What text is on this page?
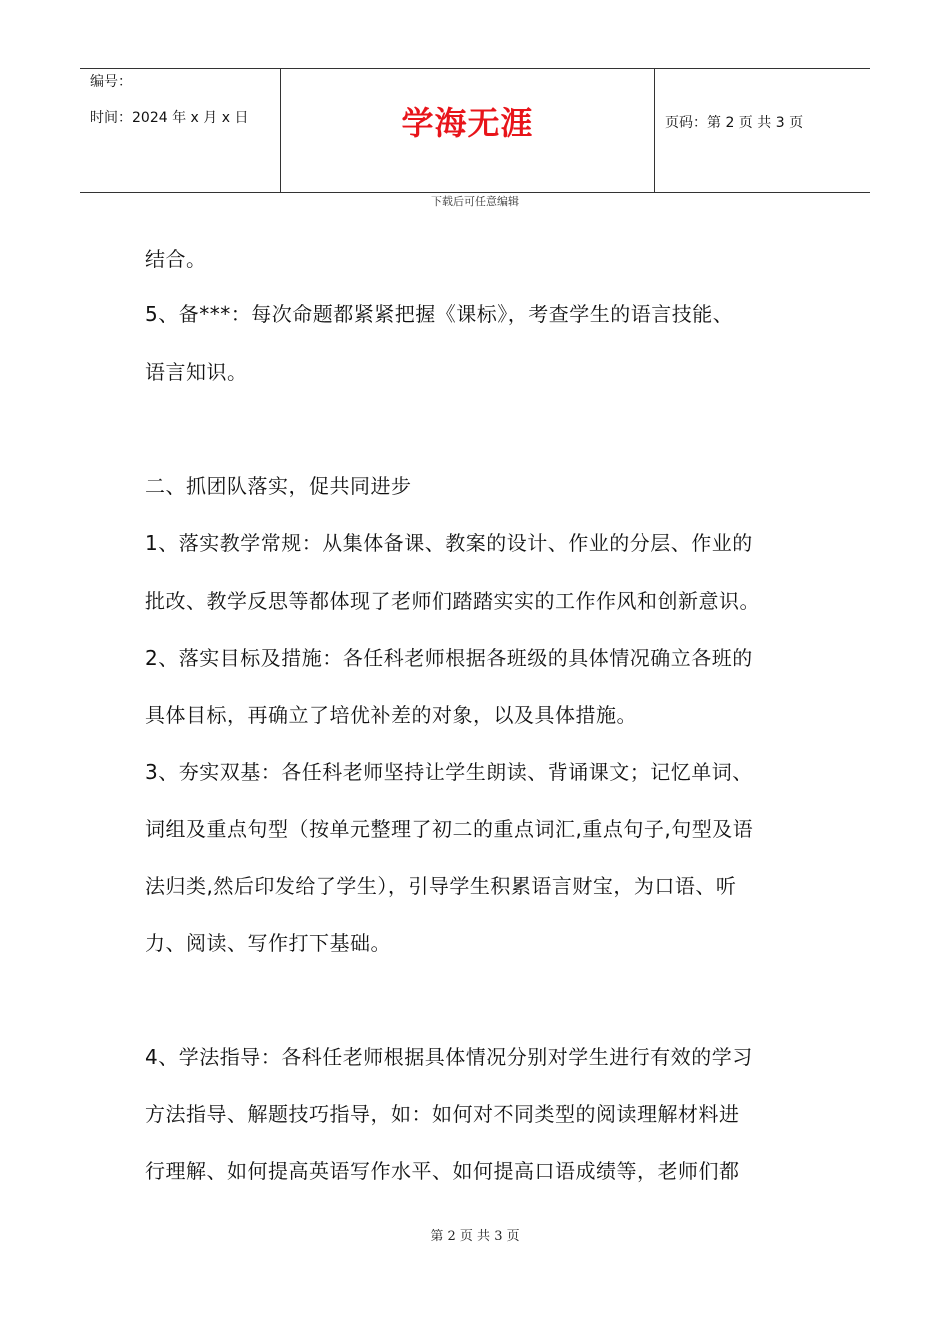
编号：
时间：2024 年 x 月 x 日	学海无涯	页码：第 2 页 共 3 页
下载后可任意编辑
结合。
5、备***：每次命题都紧紧把握《课标》，考查学生的语言技能、
语言知识。
二、抓团队落实，促共同进步
1、落实教学常规：从集体备课、教案的设计、作业的分层、作业的
批改、教学反思等都体现了老师们踏踏实实的工作作风和创新意识。
2、落实目标及措施：各任科老师根据各班级的具体情况确立各班的
具体目标，再确立了培优补差的对象，以及具体措施。
3、夯实双基：各任科老师坚持让学生朗读、背诵课文；记忆单词、
词组及重点句型（按单元整理了初二的重点词汇,重点句子,句型及语
法归类,然后印发给了学生），引导学生积累语言财宝，为口语、听
力、阅读、写作打下基础。
4、学法指导：各科任老师根据具体情况分别对学生进行有效的学习
方法指导、解题技巧指导，如：如何对不同类型的阅读理解材料进
行理解、如何提高英语写作水平、如何提高口语成绩等，老师们都
第 2 页 共 3 页
